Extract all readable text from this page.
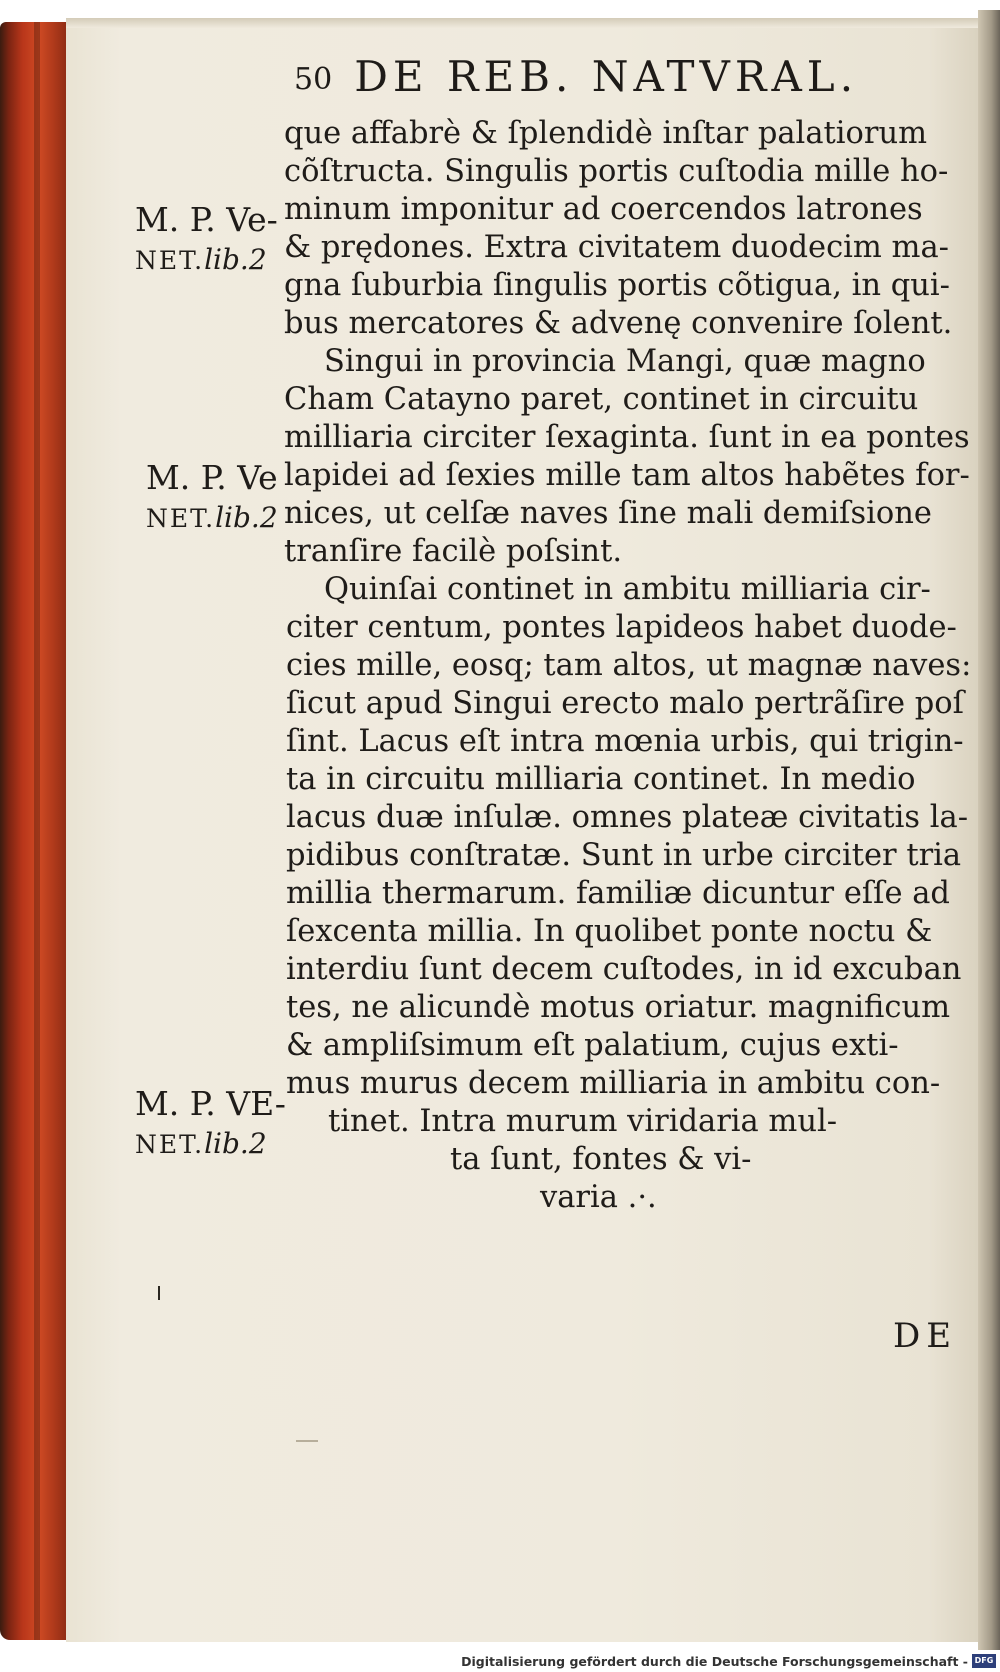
50 DE REB. NATVRAL.
que affabrè & ſplendidè inſtar palatiorum
cõſtructa. Singulis portis cuſtodia mille ho-
minum imponitur ad coercendos latrones
& prędones. Extra civitatem duodecim ma-
gna ſuburbia ſingulis portis cõtigua, in qui-
bus mercatores & advenę convenire ſolent.
Singui in provincia Mangi, quæ magno
Cham Catayno paret, continet in circuitu
milliaria circiter ſexaginta. ſunt in ea pontes
lapidei ad ſexies mille tam altos habẽtes for-
nices, ut celſæ naves ſine mali demiſsione
tranſire facilè poſsint.
Quinſai continet in ambitu milliaria cir-
citer centum, pontes lapideos habet duode-
cies mille, eosq; tam altos, ut magnæ naves:
ſicut apud Singui erecto malo pertrãſire poſ
ſint. Lacus eſt intra mœnia urbis, qui trigin-
ta in circuitu milliaria continet. In medio
lacus duæ inſulæ. omnes plateæ civitatis la-
pidibus conſtratæ. Sunt in urbe circiter tria
millia thermarum. familiæ dicuntur eſſe ad
ſexcenta millia. In quolibet ponte noctu &
interdiu ſunt decem cuſtodes, in id excuban
tes, ne alicundè motus oriatur. magnificum
& ampliſsimum eſt palatium, cujus exti-
mus murus decem milliaria in ambitu con-
tinet. Intra murum viridaria mul-
ta ſunt, fontes & vi-
varia .·.
M. P. Ve-
NET.lib.2
M. P. Ve
NET.lib.2
M. P. VE-
NET.lib.2
DE
Digitalisierung gefördert durch die Deutsche Forschungsgemeinschaft - DFG
